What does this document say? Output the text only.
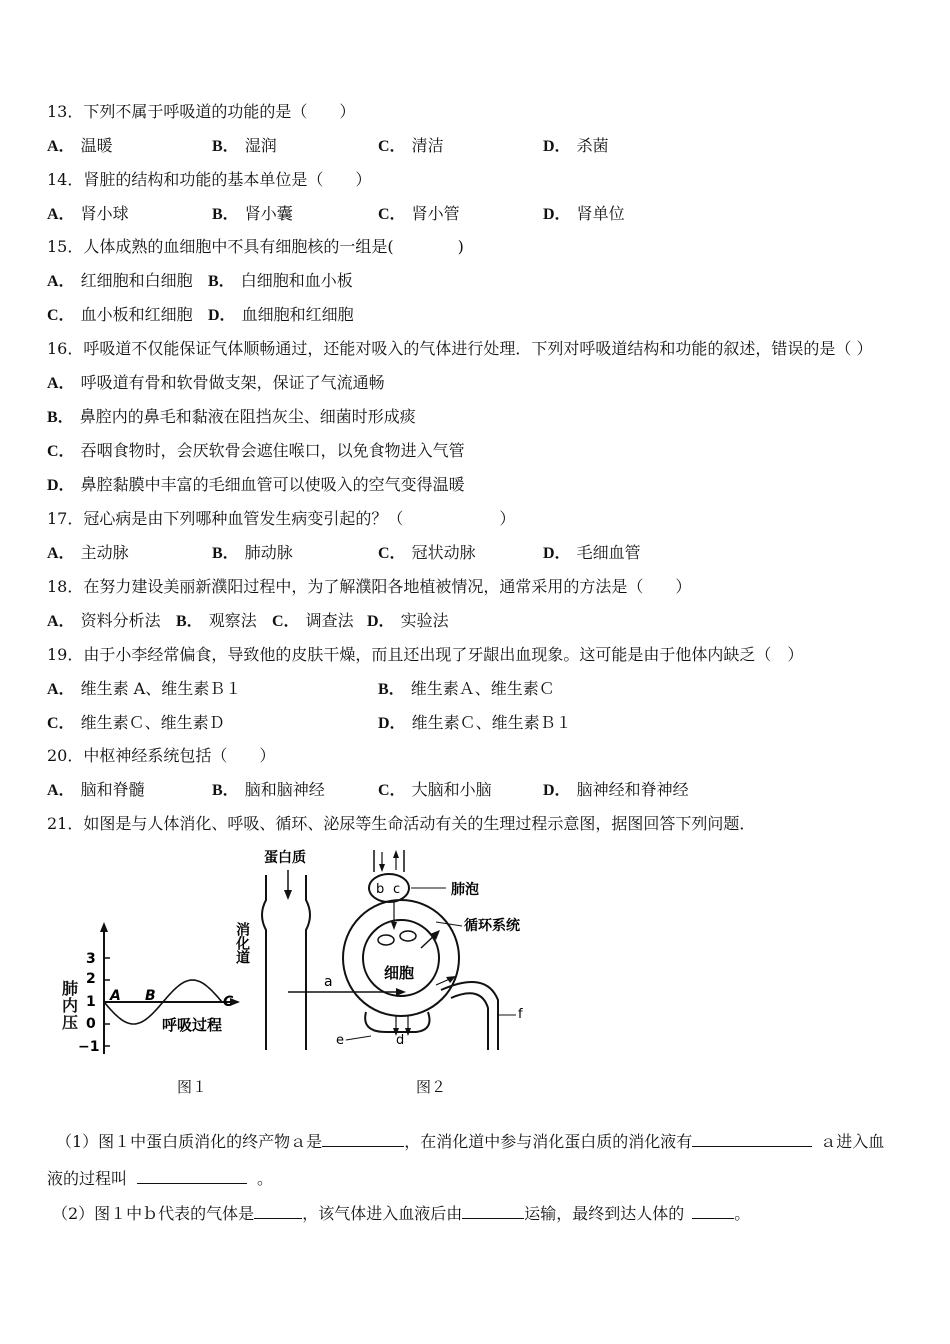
13．下列不属于呼吸道的功能的是（　　）
A． 温暖	B． 湿润	C． 清洁	D． 杀菌
14．肾脏的结构和功能的基本单位是（　　）
A． 肾小球	B． 肾小囊	C． 肾小管	D． 肾单位
15．人体成熟的血细胞中不具有细胞核的一组是(　　　　)
A． 红细胞和白细胞 B． 白细胞和血小板
C． 血小板和红细胞 D． 血细胞和红细胞
16．呼吸道不仅能保证气体顺畅通过，还能对吸入的气体进行处理．下列对呼吸道结构和功能的叙述，错误的是（ ）
A． 呼吸道有骨和软骨做支架，保证了气流通畅
B． 鼻腔内的鼻毛和黏液在阻挡灰尘、细菌时形成痰
C． 吞咽食物时，会厌软骨会遮住喉口，以免食物进入气管
D． 鼻腔黏膜中丰富的毛细血管可以使吸入的空气变得温暖
17．冠心病是由下列哪种血管发生病变引起的？（　　　　　　）
A． 主动脉	B． 肺动脉	C． 冠状动脉	D． 毛细血管
18．在努力建设美丽新濮阳过程中，为了解濮阳各地植被情况，通常采用的方法是（　　）
A． 资料分析法 B． 观察法 C． 调查法 D． 实验法
19．由于小李经常偏食，导致他的皮肤干燥，而且还出现了牙龈出血现象。这可能是由于他体内缺乏（　）
A． 维生素 A、维生素Ｂ１	B． 维生素Ａ、维生素Ｃ
C． 维生素Ｃ、维生素Ｄ	D． 维生素Ｃ、维生素Ｂ１
20．中枢神经系统包括（　　）
A． 脑和脊髓	B． 脑和脑神经	C． 大脑和小脑	D． 脑神经和脊神经
21．如图是与人体消化、呼吸、循环、泌尿等生命活动有关的生理过程示意图，据图回答下列问题．
3
2
1
0
−1
A B	C
呼吸过程
肺内压
蛋白质
消化道
a
b c	肺泡
循环系统
细胞
d
e
f
图１	图２
（1）图１中蛋白质消化的终产物ａ是	，在消化道中参与消化蛋白质的消化液有	ａ进入血
液的过程叫	。
（2）图１中ｂ代表的气体是	，该气体进入血液后由	运输，最终到达人体的	。
